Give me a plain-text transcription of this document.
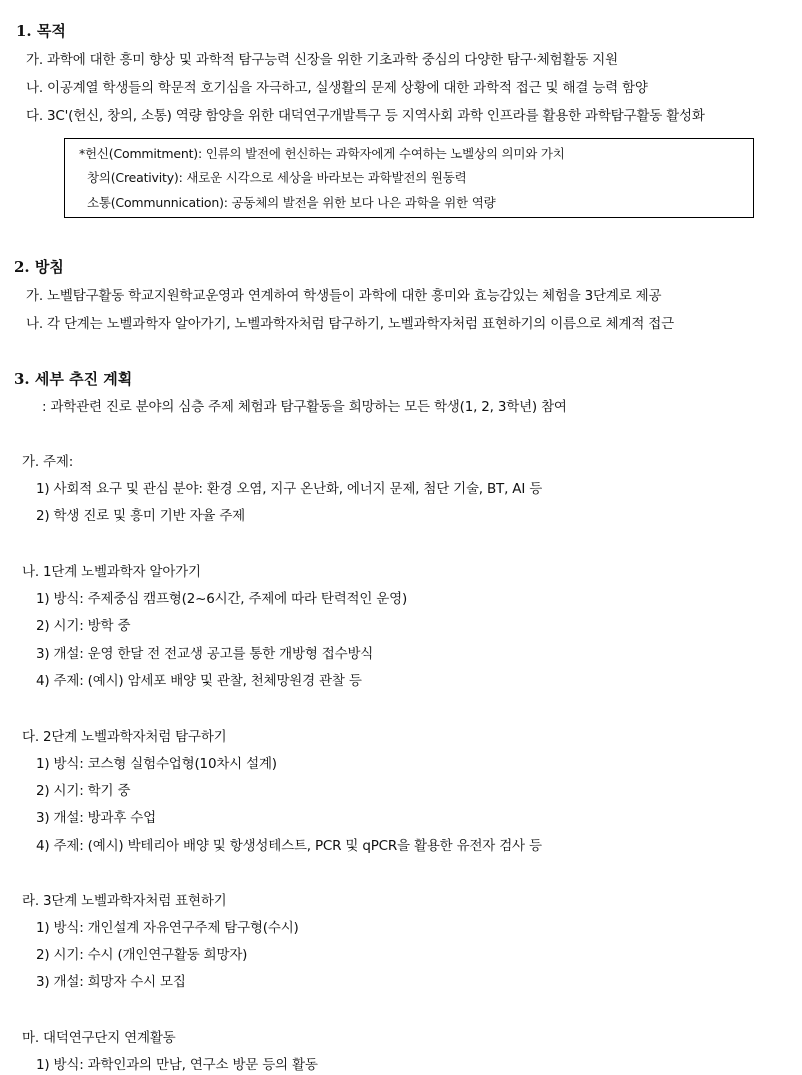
1. 목적
가. 과학에 대한 흥미 향상 및 과학적 탐구능력 신장을 위한 기초과학 중심의 다양한 탐구·체험활동 지원
나. 이공계열 학생들의 학문적 호기심을 자극하고, 실생활의 문제 상황에 대한 과학적 접근 및 해결 능력 함양
다. 3C'(헌신, 창의, 소통) 역량 함양을 위한 대덕연구개발특구 등 지역사회 과학 인프라를 활용한 과학탐구활동 활성화
*헌신(Commitment): 인류의 발전에 헌신하는 과학자에게 수여하는 노벨상의 의미와 가치
창의(Creativity): 새로운 시각으로 세상을 바라보는 과학발전의 원동력
소통(Communnication): 공동체의 발전을 위한 보다 나은 과학을 위한 역량
2. 방침
가. 노벨탐구활동 학교지원학교운영과 연계하여 학생들이 과학에 대한 흥미와 효능감있는 체험을 3단계로 제공
나. 각 단계는 노벨과학자 알아가기, 노벨과학자처럼 탐구하기, 노벨과학자처럼 표현하기의 이름으로 체계적 접근
3. 세부 추진 계획
: 과학관련 진로 분야의 심층 주제 체험과 탐구활동을 희망하는 모든 학생(1, 2, 3학년) 참여
가. 주제:
1) 사회적 요구 및 관심 분야: 환경 오염, 지구 온난화, 에너지 문제, 첨단 기술, BT, AI 등
2) 학생 진로 및 흥미 기반 자율 주제
나. 1단계 노벨과학자 알아가기
1) 방식: 주제중심 캠프형(2~6시간, 주제에 따라 탄력적인 운영)
2) 시기: 방학 중
3) 개설: 운영 한달 전 전교생 공고를 통한 개방형 접수방식
4) 주제: (예시) 암세포 배양 및 관찰, 천체망원경 관찰 등
다. 2단계 노벨과학자처럼 탐구하기
1) 방식: 코스형 실험수업형(10차시 설계)
2) 시기: 학기 중
3) 개설: 방과후 수업
4) 주제: (예시) 박테리아 배양 및 항생성테스트, PCR 및 qPCR을 활용한 유전자 검사 등
라. 3단계 노벨과학자처럼 표현하기
1) 방식: 개인설계 자유연구주제 탐구형(수시)
2) 시기: 수시 (개인연구활동 희망자)
3) 개설: 희망자 수시 모집
마. 대덕연구단지 연계활동
1) 방식: 과학인과의 만남, 연구소 방문 등의 활동
